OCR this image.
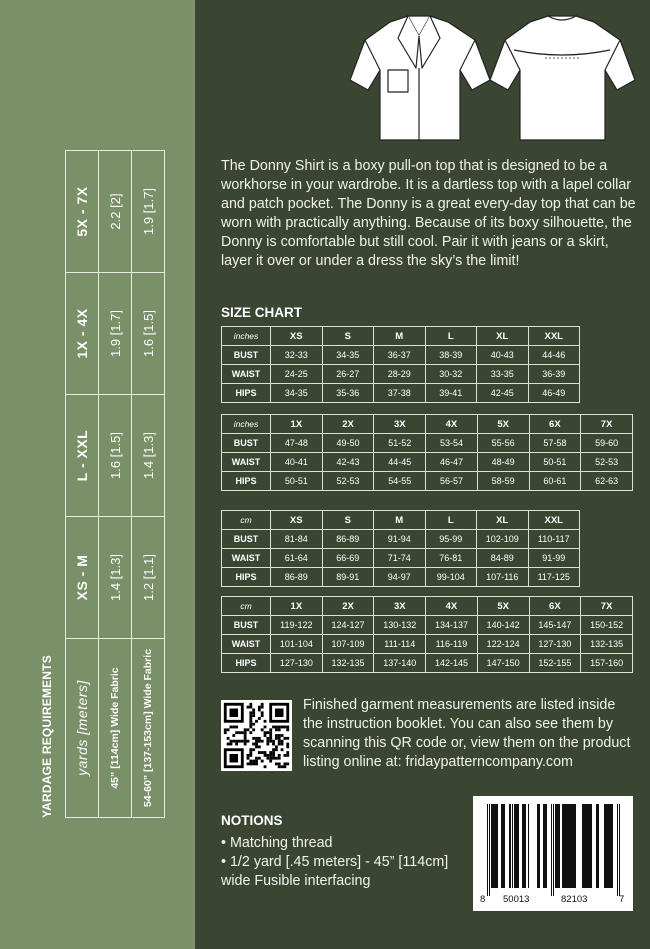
YARDAGE REQUIREMENTS yards [meters]	XS - M	L - XXL	1X - 4X	5X - 7X
45” [114cm] Wide Fabric	1.4 [1.3]	1.6 [1.5]	1.9 [1.7]	2.2 [2]
54-60” [137-153cm] Wide Fabric	1.2 [1.1]	1.4 [1.3]	1.6 [1.5]	1.9 [1.7]
The Donny Shirt is a boxy pull-on top that is designed to be a workhorse in your wardrobe. It is a dartless top with a lapel collar and patch pocket. The Donny is a great every-day top that can be worn with practically anything. Because of its boxy silhouette, the Donny is comfortable but still cool. Pair it with jeans or a skirt, layer it over or under a dress the sky’s the limit!
SIZE CHART
inches	XS	S	M	L	XL	XXL
BUST	32-33	34-35	36-37	38-39	40-43	44-46
WAIST	24-25	26-27	28-29	30-32	33-35	36-39
HIPS	34-35	35-36	37-38	39-41	42-45	46-49
inches	1X	2X	3X	4X	5X	6X	7X
BUST	47-48	49-50	51-52	53-54	55-56	57-58	59-60
WAIST	40-41	42-43	44-45	46-47	48-49	50-51	52-53
HIPS	50-51	52-53	54-55	56-57	58-59	60-61	62-63
cm	XS	S	M	L	XL	XXL
BUST	81-84	86-89	91-94	95-99	102-109	110-117
WAIST	61-64	66-69	71-74	76-81	84-89	91-99
HIPS	86-89	89-91	94-97	99-104	107-116	117-125
cm	1X	2X	3X	4X	5X	6X	7X
BUST	119-122	124-127	130-132	134-137	140-142	145-147	150-152
WAIST	101-104	107-109	111-114	116-119	122-124	127-130	132-135
HIPS	127-130	132-135	137-140	142-145	147-150	152-155	157-160
Finished garment measurements are listed inside the instruction booklet. You can also see them by scanning this QR code or, view them on the product listing online at: fridaypatterncompany.com
NOTIONS
• Matching thread
• 1/2 yard [.45 meters] - 45” [114cm] wide Fusible interfacing
8 50013	82103	7
